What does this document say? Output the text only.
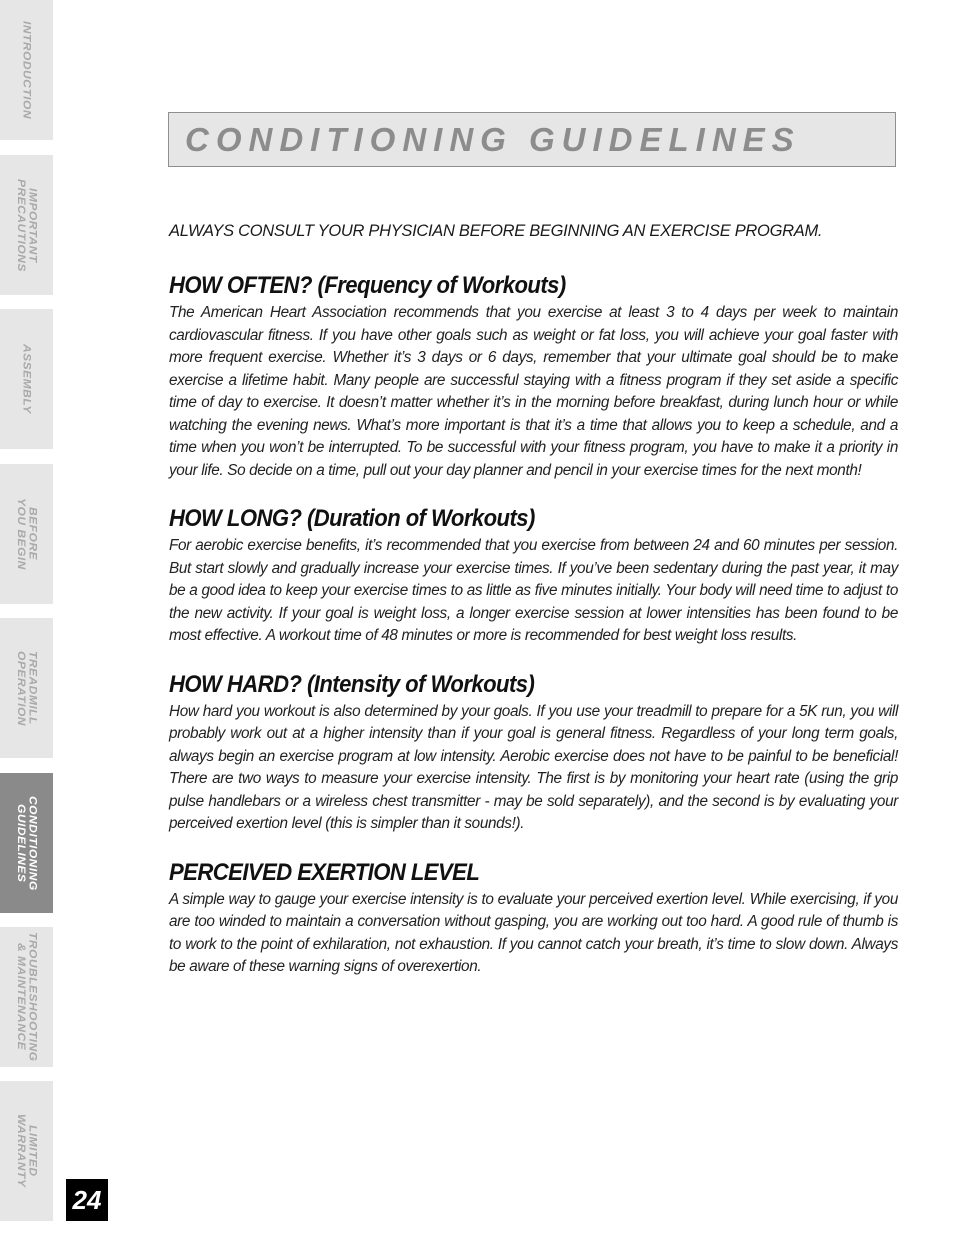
INTRODUCTION
IMPORTANT
PRECAUTIONS
ASSEMBLY
BEFORE
YOU BEGIN
TREADMILL
OPERATION
CONDITIONING
GUIDELINES
TROUBLESHOOTING
& MAINTENANCE
LIMITED
WARRANTY
CONDITIONING GUIDELINES

ALWAYS CONSULT YOUR PHYSICIAN BEFORE BEGINNING AN EXERCISE PROGRAM.

HOW OFTEN? (Frequency of Workouts)

The American Heart Association recommends that you exercise at least 3 to 4 days per week to maintain cardiovascular fitness. If you have other goals such as weight or fat loss, you will achieve your goal faster with more frequent exercise. Whether it’s 3 days or 6 days, remember that your ultimate goal should be to make exercise a lifetime habit. Many people are successful staying with a fitness program if they set aside a specific time of day to exercise. It doesn’t matter whether it’s in the morning before breakfast, during lunch hour or while watching the evening news. What’s more important is that it’s a time that allows you to keep a schedule, and a time when you won’t be interrupted. To be successful with your fitness program, you have to make it a priority in your life. So decide on a time, pull out your day planner and pencil in your exercise times for the next month!

HOW LONG? (Duration of Workouts)

For aerobic exercise benefits, it’s recommended that you exercise from between 24 and 60 minutes per session. But start slowly and gradually increase your exercise times. If you’ve been sedentary during the past year, it may be a good idea to keep your exercise times to as little as five minutes initially. Your body will need time to adjust to the new activity. If your goal is weight loss, a longer exercise session at lower intensities has been found to be most effective. A workout time of 48 minutes or more is recommended for best weight loss results.

HOW HARD? (Intensity of Workouts)

How hard you workout is also determined by your goals. If you use your treadmill to prepare for a 5K run, you will probably work out at a higher intensity than if your goal is general fitness. Regardless of your long term goals, always begin an exercise program at low intensity. Aerobic exercise does not have to be painful to be beneficial! There are two ways to measure your exercise intensity. The first is by monitoring your heart rate (using the grip pulse handlebars or a wireless chest transmitter - may be sold separately), and the second is by evaluating your perceived exertion level (this is simpler than it sounds!).

PERCEIVED EXERTION LEVEL

A simple way to gauge your exercise intensity is to evaluate your perceived exertion level. While exercising, if you are too winded to maintain a conversation without gasping, you are working out too hard. A good rule of thumb is to work to the point of exhilaration, not exhaustion. If you cannot catch your breath, it’s time to slow down. Always be aware of these warning signs of overexertion.

24
